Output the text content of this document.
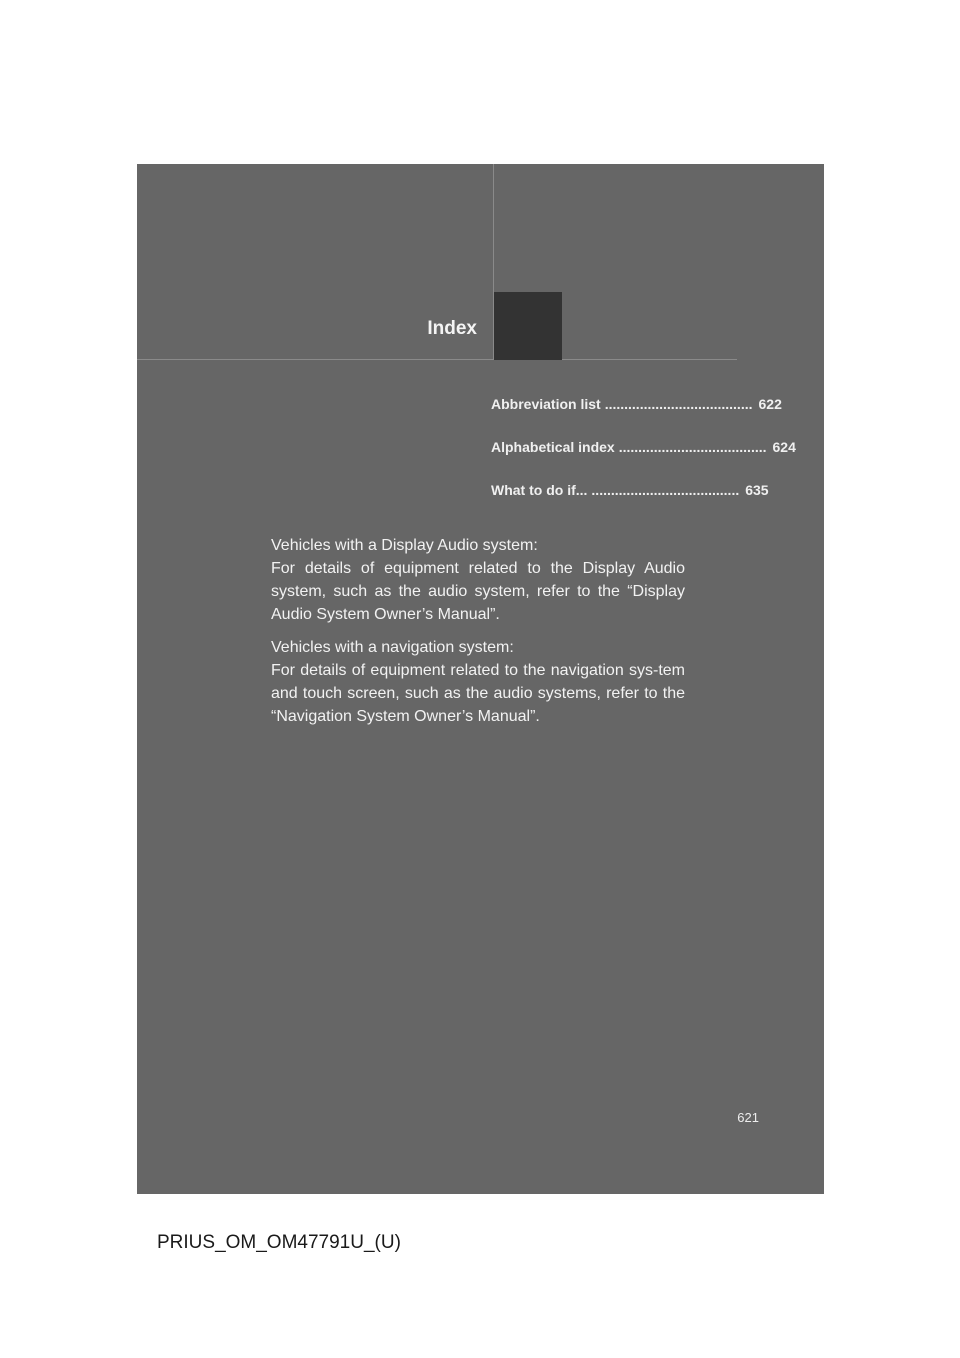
Index
Abbreviation list ...................................... 622
Alphabetical index ...................................... 624
What to do if... ...................................... 635

Vehicles with a Display Audio system:
For details of equipment related to the Display Audio system, such as the audio system, refer to the “Display Audio System Owner’s Manual”.

Vehicles with a navigation system:
For details of equipment related to the navigation sys-tem and touch screen, such as the audio systems, refer to the “Navigation System Owner’s Manual”.

621
PRIUS_OM_OM47791U_(U)
